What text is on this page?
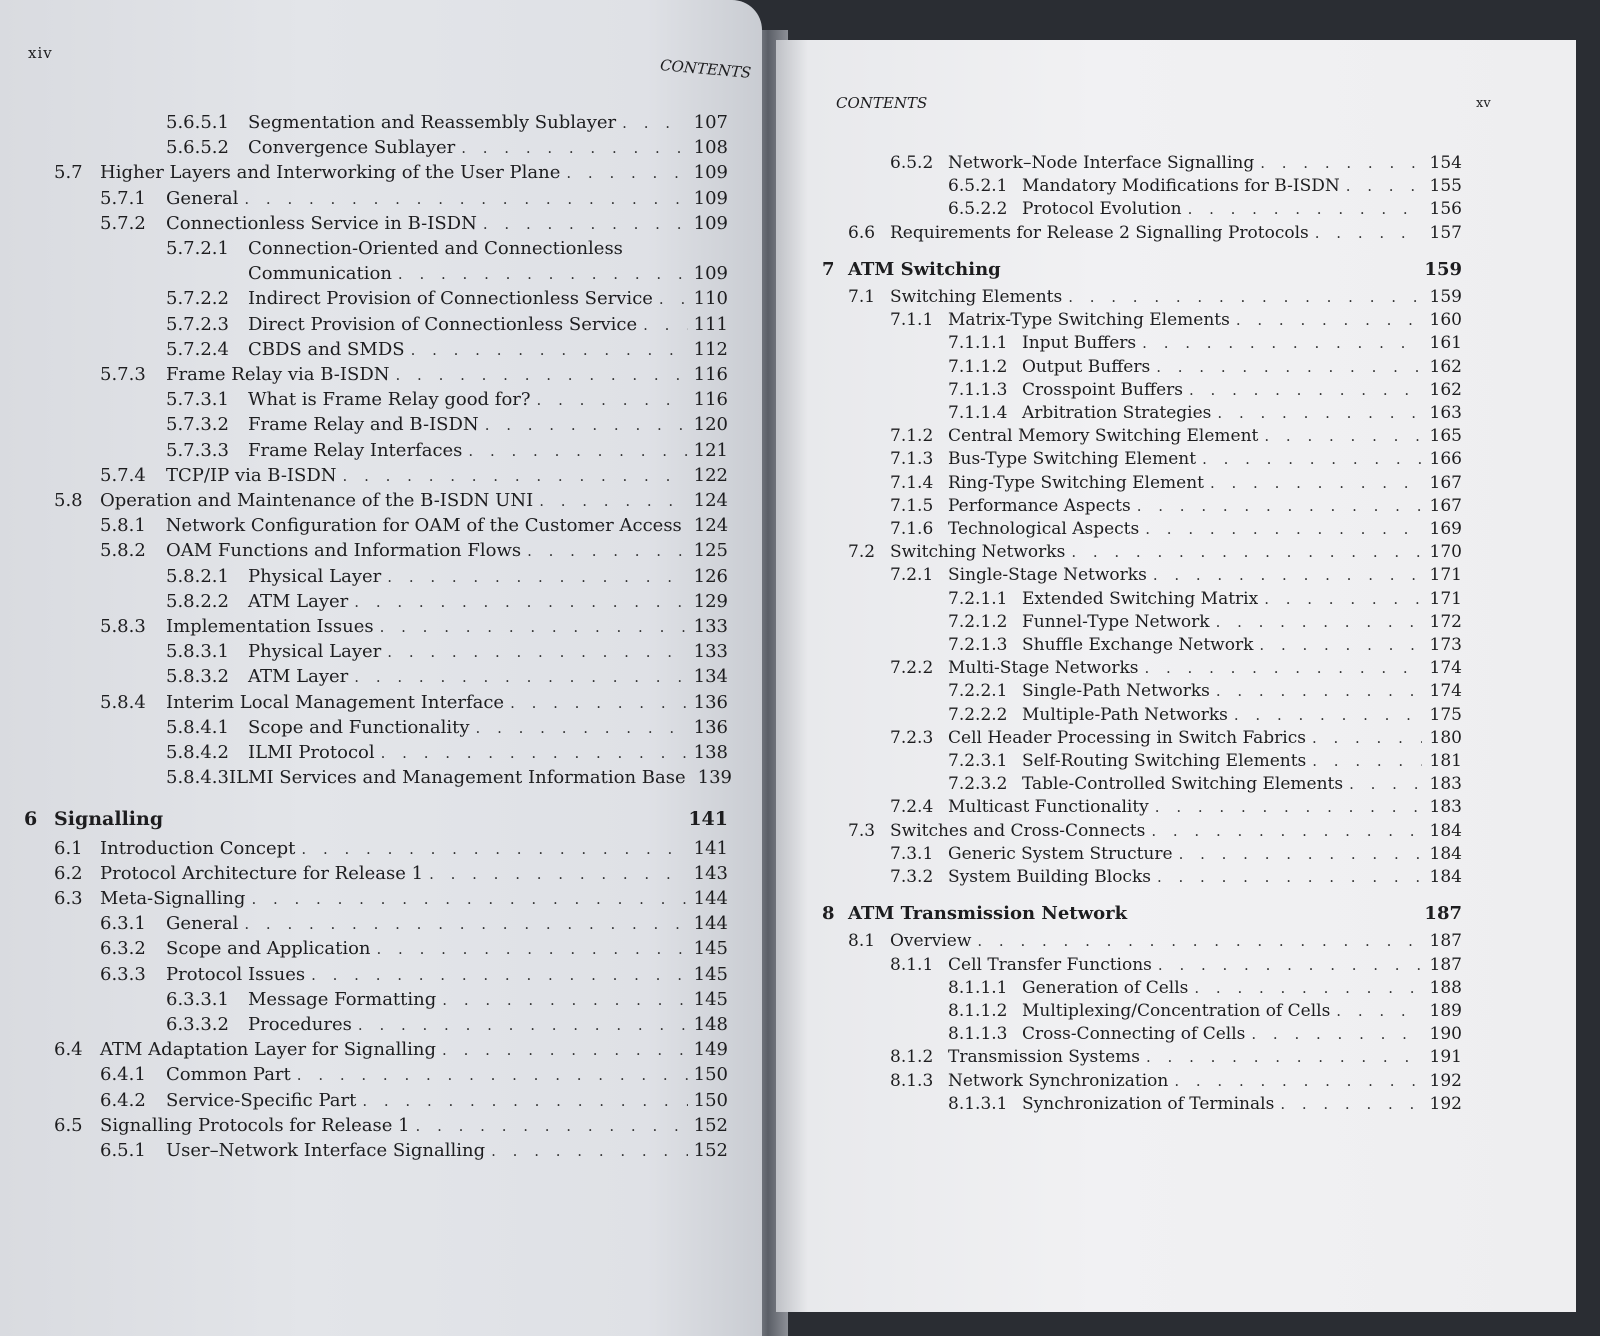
xiv
CONTENTS
5.6.5.1	Segmentation and Reassembly Sublayer . . .	107
5.6.5.2	Convergence Sublayer . . .	108
5.7 Higher Layers and Interworking of the User Plane . . .	109
5.7.1	General . . .	109
5.7.2	Connectionless Service in B-ISDN . . .	109
5.7.2.1	Connection-Oriented and Connectionless
Communication . . .	109
5.7.2.2	Indirect Provision of Connectionless Service . . . 110
5.7.2.3	Direct Provision of Connectionless Service . . .	111
5.7.2.4	CBDS and SMDS . . .	112
5.7.3	Frame Relay via B-ISDN . . .	116
5.7.3.1	What is Frame Relay good for? . . .	116
5.7.3.2	Frame Relay and B-ISDN . . .	120
5.7.3.3	Frame Relay Interfaces . . .	121
5.7.4	TCP/IP via B-ISDN . . .	122
5.8 Operation and Maintenance of the B-ISDN UNI . . .	124
5.8.1	Network Configuration for OAM of the Customer Access 124
5.8.2	OAM Functions and Information Flows . . .	125
5.8.2.1	Physical Layer . . .	126
5.8.2.2	ATM Layer . . .	129
5.8.3	Implementation Issues . . .	133
5.8.3.1	Physical Layer . . .	133
5.8.3.2	ATM Layer . . .	134
5.8.4	Interim Local Management Interface . . .	136
5.8.4.1	Scope and Functionality . . .	136
5.8.4.2	ILMI Protocol . . .	138
5.8.4.3 ILMI Services and Management Information Base 139
6 Signalling	141
6.1 Introduction Concept . . .	141
6.2 Protocol Architecture for Release 1 . . .	143
6.3 Meta-Signalling . . .	144
6.3.1	General . . .	144
6.3.2	Scope and Application . . .	145
6.3.3	Protocol Issues . . .	145
6.3.3.1	Message Formatting . . .	145
6.3.3.2	Procedures . . .	148
6.4 ATM Adaptation Layer for Signalling . . .	149
6.4.1	Common Part . . .	150
6.4.2	Service-Specific Part . . .	150
6.5 Signalling Protocols for Release 1 . . .	152
6.5.1	User–Network Interface Signalling . . .	152
CONTENTS	xv
6.5.2 Network–Node Interface Signalling . . .	154
6.5.2.1 Mandatory Modifications for B-ISDN . . .	155
6.5.2.2 Protocol Evolution . . .	156
6.6 Requirements for Release 2 Signalling Protocols . . .	157
7 ATM Switching	159
7.1 Switching Elements . . .	159
7.1.1 Matrix-Type Switching Elements . . .	160
7.1.1.1 Input Buffers . . .	161
7.1.1.2 Output Buffers . . .	162
7.1.1.3 Crosspoint Buffers . . .	162
7.1.1.4 Arbitration Strategies . . .	163
7.1.2 Central Memory Switching Element . . .	165
7.1.3 Bus-Type Switching Element . . .	166
7.1.4 Ring-Type Switching Element . . .	167
7.1.5 Performance Aspects . . .	167
7.1.6 Technological Aspects . . .	169
7.2 Switching Networks . . .	170
7.2.1 Single-Stage Networks . . .	171
7.2.1.1 Extended Switching Matrix . . .	171
7.2.1.2 Funnel-Type Network . . .	172
7.2.1.3 Shuffle Exchange Network . . .	173
7.2.2 Multi-Stage Networks . . .	174
7.2.2.1 Single-Path Networks . . .	174
7.2.2.2 Multiple-Path Networks . . .	175
7.2.3 Cell Header Processing in Switch Fabrics . . .	180
7.2.3.1 Self-Routing Switching Elements . . .	181
7.2.3.2 Table-Controlled Switching Elements . . .	183
7.2.4 Multicast Functionality . . .	183
7.3 Switches and Cross-Connects . . .	184
7.3.1 Generic System Structure . . .	184
7.3.2 System Building Blocks . . .	184
8 ATM Transmission Network	187
8.1 Overview . . .	187
8.1.1 Cell Transfer Functions . . .	187
8.1.1.1 Generation of Cells . . .	188
8.1.1.2 Multiplexing/Concentration of Cells . . .	189
8.1.1.3 Cross-Connecting of Cells . . .	190
8.1.2 Transmission Systems . . .	191
8.1.3 Network Synchronization . . .	192
8.1.3.1 Synchronization of Terminals . . .	192
